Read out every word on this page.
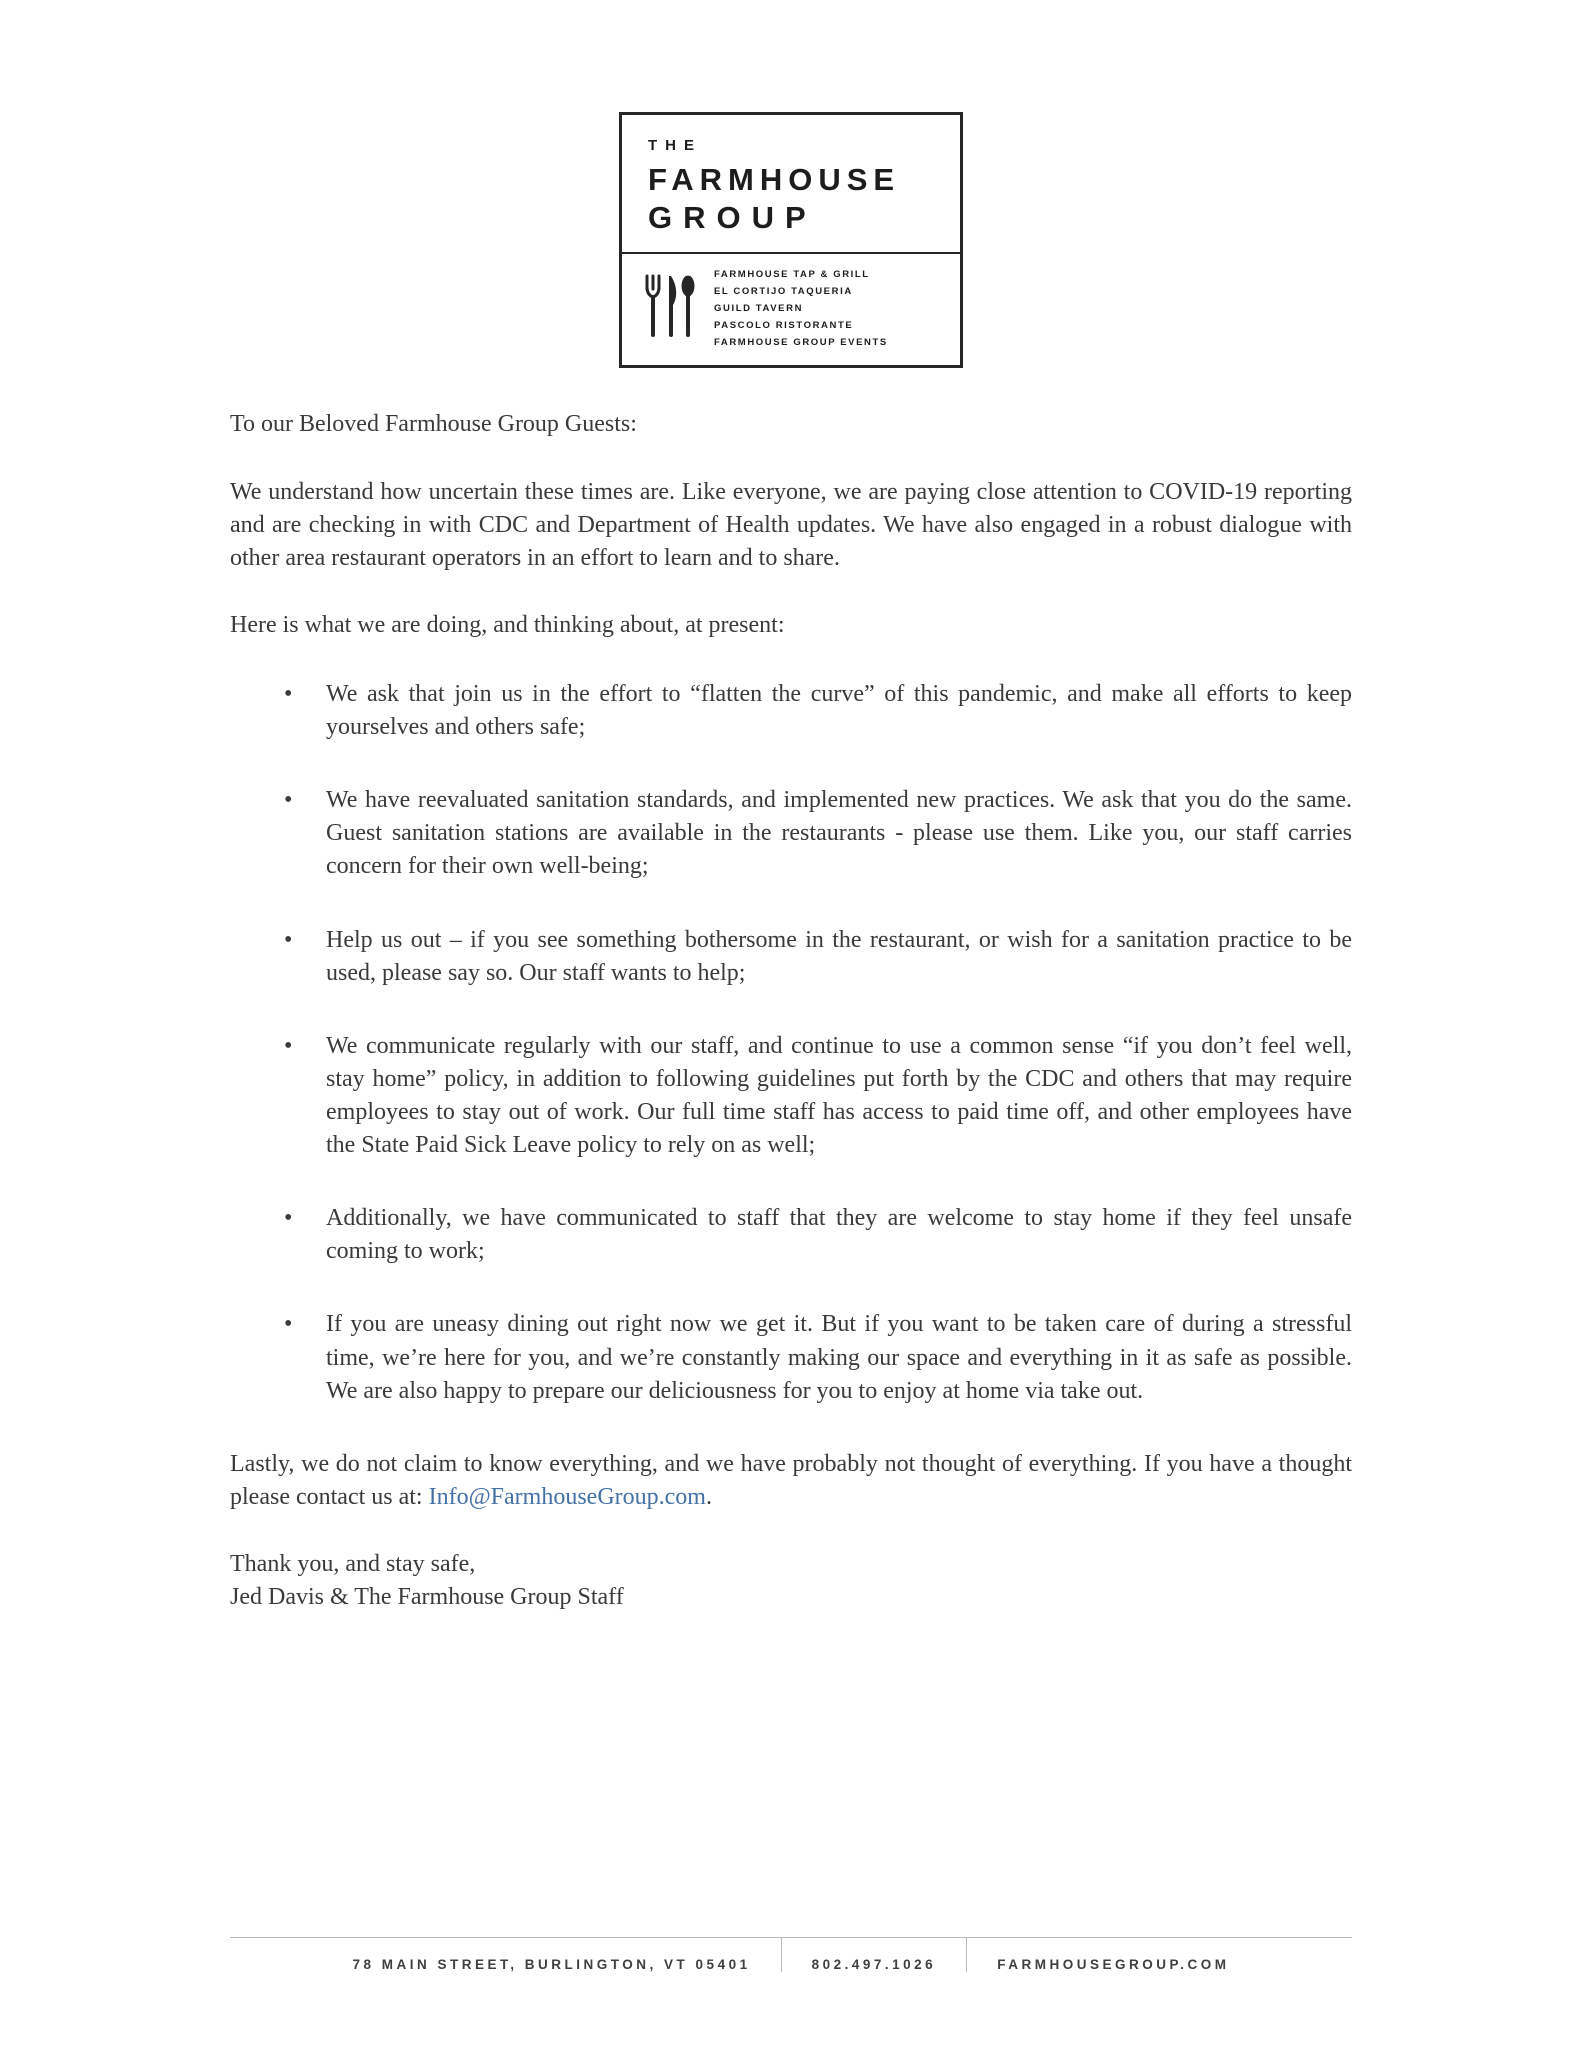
THE
FARMHOUSE
GROUP
FARMHOUSE TAP & GRILL
EL CORTIJO TAQUERIA
GUILD TAVERN
PASCOLO RISTORANTE
FARMHOUSE GROUP EVENTS

To our Beloved Farmhouse Group Guests:

We understand how uncertain these times are. Like everyone, we are paying close attention to COVID-19 reporting and are checking in with CDC and Department of Health updates. We have also engaged in a robust dialogue with other area restaurant operators in an effort to learn and to share.

Here is what we are doing, and thinking about, at present:

• We ask that join us in the effort to “flatten the curve” of this pandemic, and make all efforts to keep yourselves and others safe;
• We have reevaluated sanitation standards, and implemented new practices. We ask that you do the same. Guest sanitation stations are available in the restaurants - please use them. Like you, our staff carries concern for their own well-being;
• Help us out – if you see something bothersome in the restaurant, or wish for a sanitation practice to be used, please say so. Our staff wants to help;
• We communicate regularly with our staff, and continue to use a common sense “if you don’t feel well, stay home” policy, in addition to following guidelines put forth by the CDC and others that may require employees to stay out of work. Our full time staff has access to paid time off, and other employees have the State Paid Sick Leave policy to rely on as well;
• Additionally, we have communicated to staff that they are welcome to stay home if they feel unsafe coming to work;
• If you are uneasy dining out right now we get it. But if you want to be taken care of during a stressful time, we’re here for you, and we’re constantly making our space and everything in it as safe as possible. We are also happy to prepare our deliciousness for you to enjoy at home via take out.

Lastly, we do not claim to know everything, and we have probably not thought of everything. If you have a thought please contact us at: Info@FarmhouseGroup.com.

Thank you, and stay safe,
Jed Davis & The Farmhouse Group Staff
78 MAIN STREET, BURLINGTON, VT 05401	802.497.1026	FARMHOUSEGROUP.COM
